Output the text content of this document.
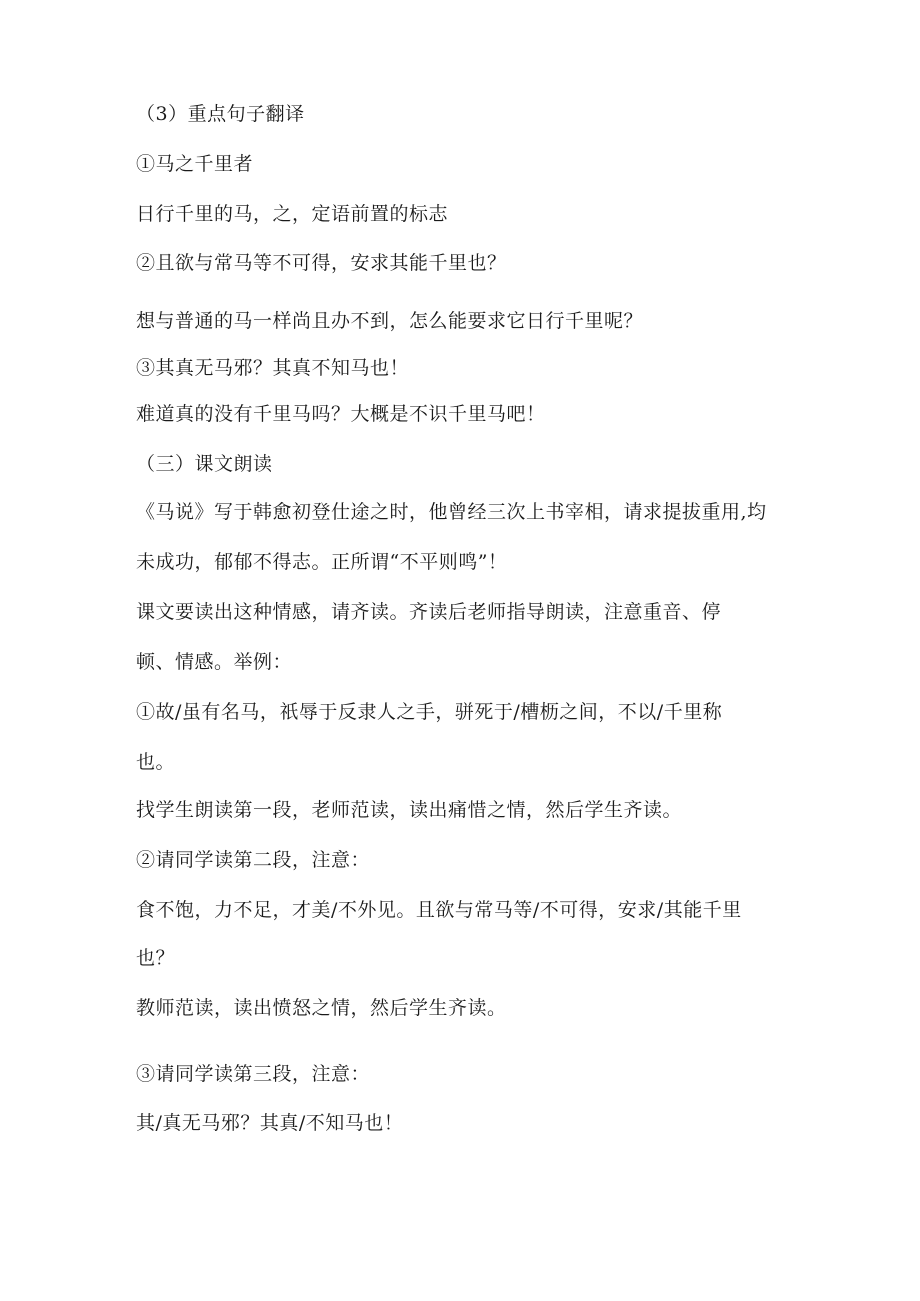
（3）重点句子翻译
①马之千里者
日行千里的马，之，定语前置的标志
②且欲与常马等不可得，安求其能千里也？
想与普通的马一样尚且办不到，怎么能要求它日行千里呢？
③其真无马邪？其真不知马也！
难道真的没有千里马吗？大概是不识千里马吧！
（三）课文朗读
《马说》写于韩愈初登仕途之时，他曾经三次上书宰相，请求提拔重用,均
未成功，郁郁不得志。正所谓“不平则鸣”！
课文要读出这种情感，请齐读。齐读后老师指导朗读，注意重音、停
顿、情感。举例：
①故/虽有名马，祇辱于反隶人之手，骈死于/槽枥之间，不以/千里称
也。
找学生朗读第一段，老师范读，读出痛惜之情，然后学生齐读。
②请同学读第二段，注意：
食不饱，力不足，才美/不外见。且欲与常马等/不可得，安求/其能千里
也？
教师范读，读出愤怒之情，然后学生齐读。
③请同学读第三段，注意：
其/真无马邪？其真/不知马也！
